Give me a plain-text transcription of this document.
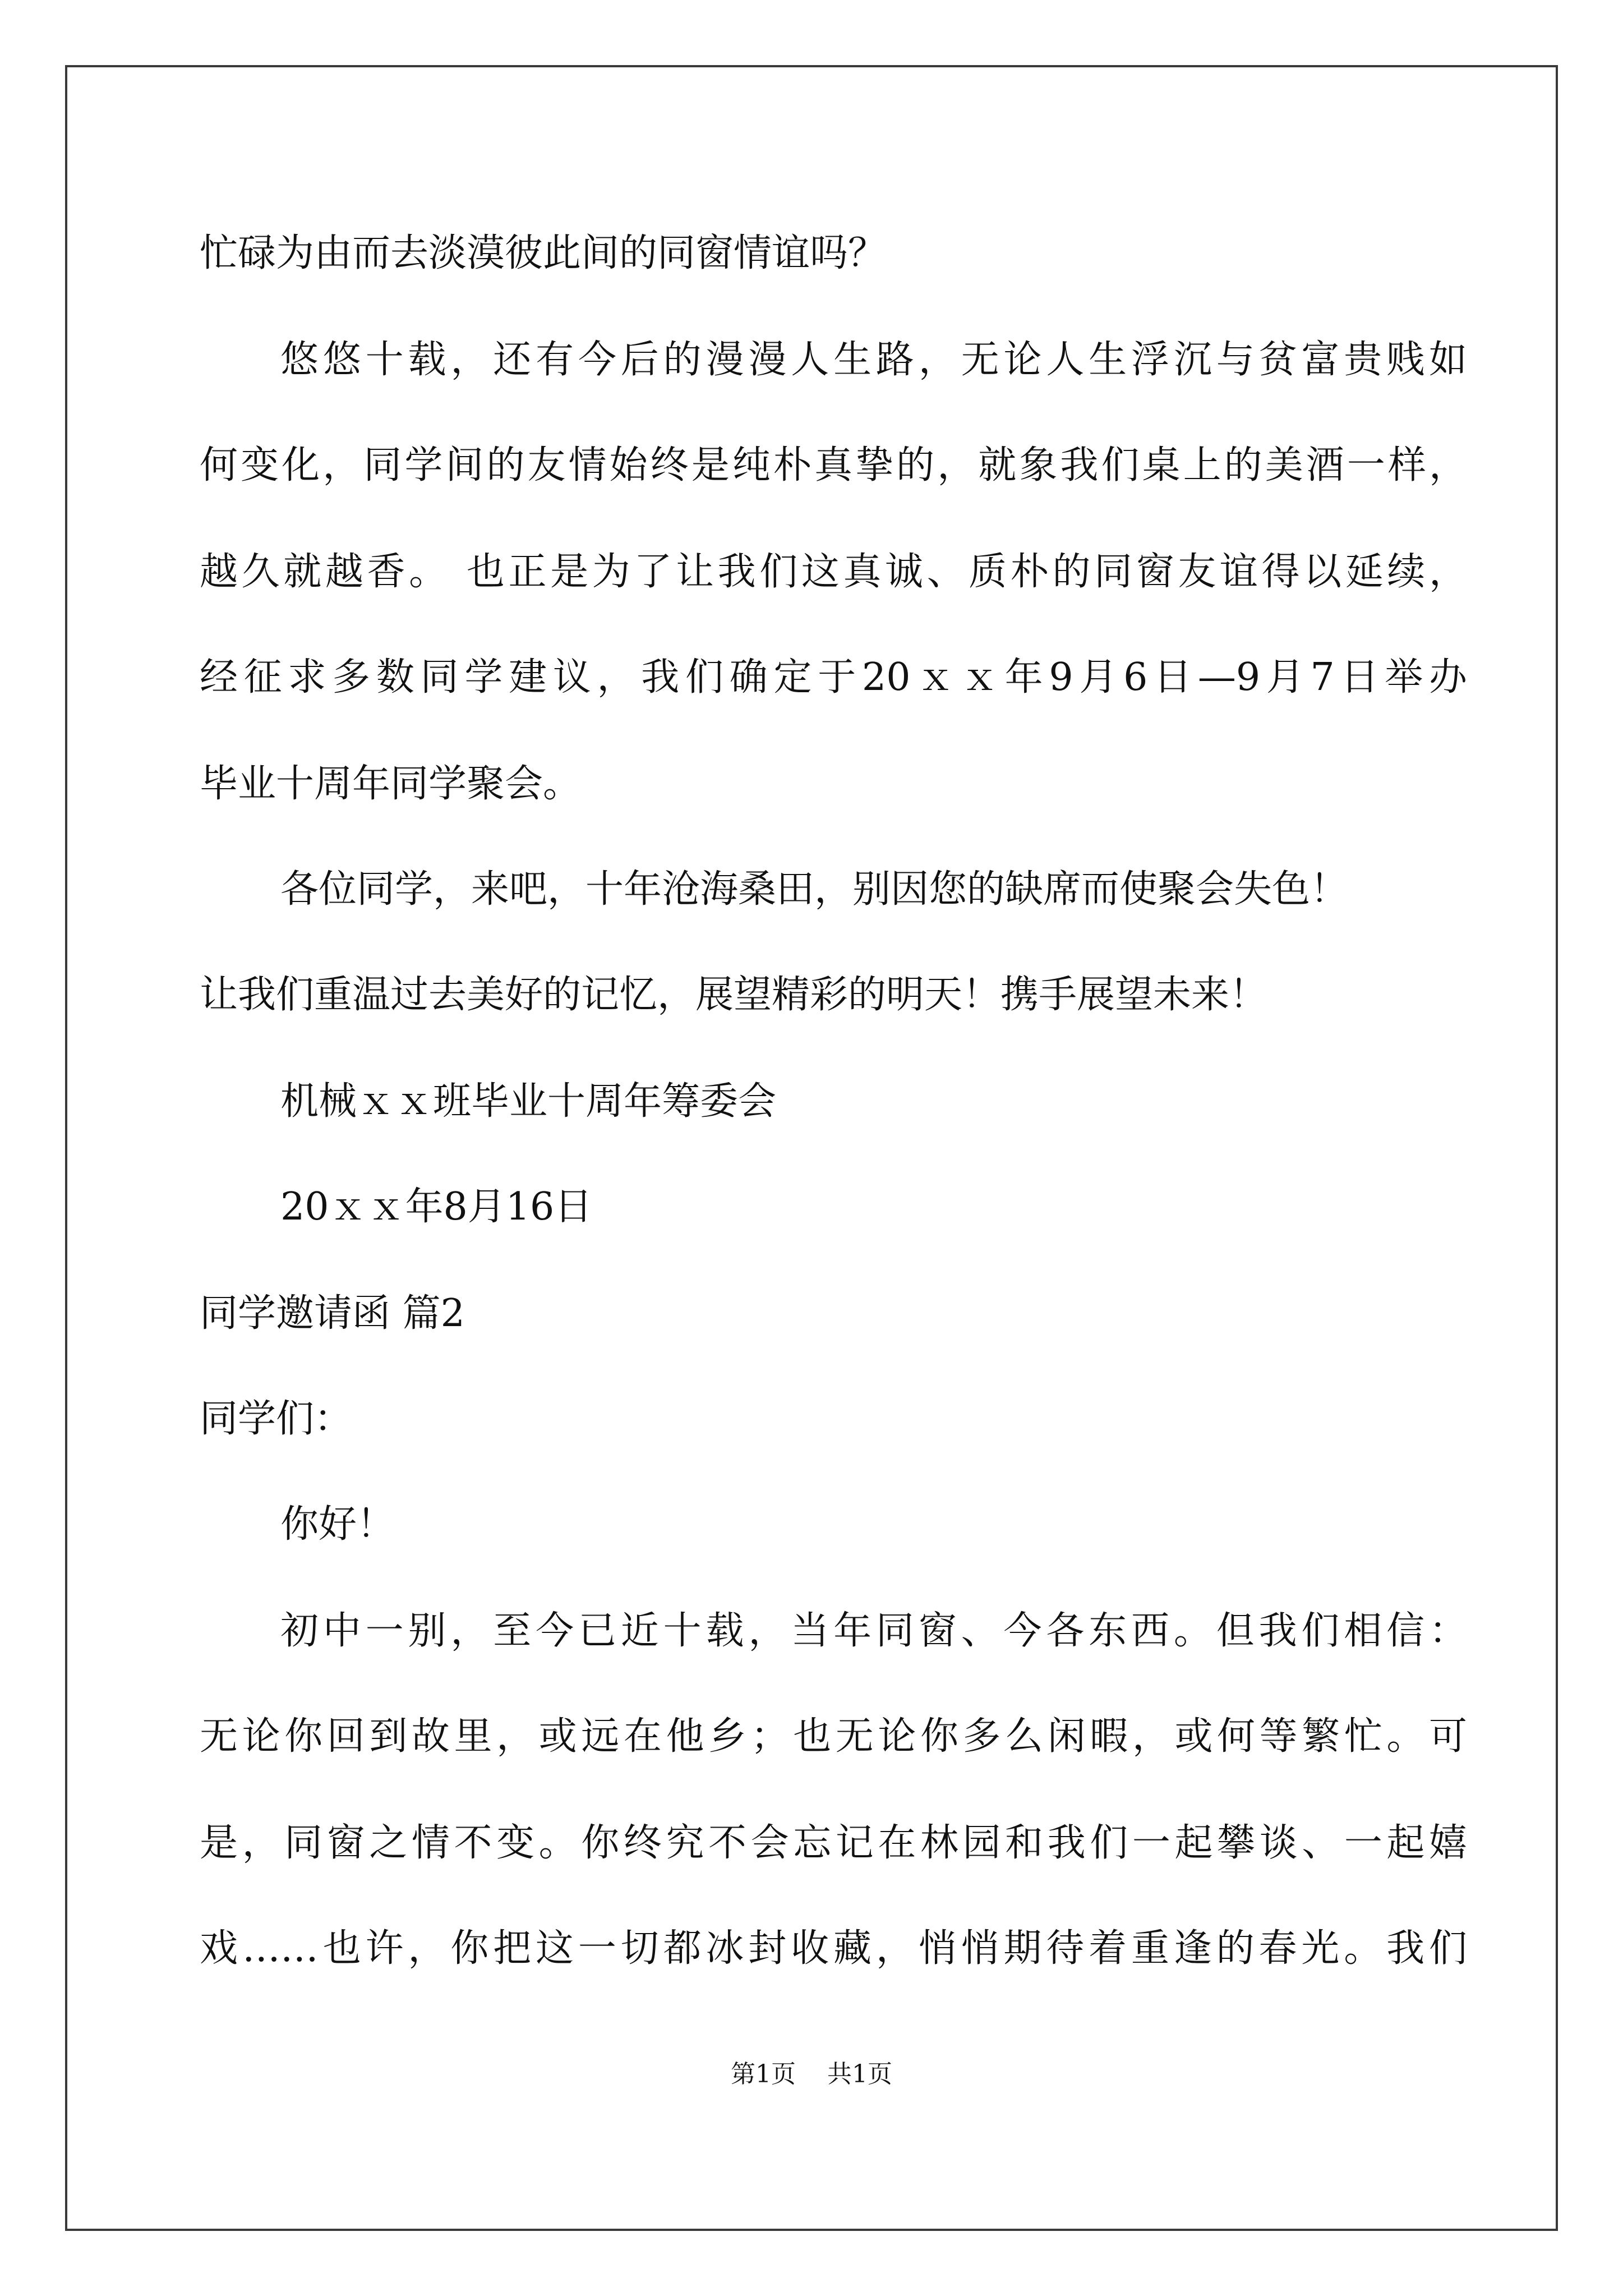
忙碌为由而去淡漠彼此间的同窗情谊吗？

悠悠十载，还有今后的漫漫人生路，无论人生浮沉与贫富贵贱如

何变化，同学间的友情始终是纯朴真挚的，就象我们桌上的美酒一样，

越久就越香。 也正是为了让我们这真诚、质朴的同窗友谊得以延续，

经征求多数同学建议，我们确定于20ｘｘ年9月6日—9月7日举办

毕业十周年同学聚会。

各位同学，来吧，十年沧海桑田，别因您的缺席而使聚会失色！

让我们重温过去美好的记忆，展望精彩的明天！携手展望未来！

机械ｘｘ班毕业十周年筹委会

20ｘｘ年8月16日

同学邀请函 篇2

同学们：

你好！

初中一别，至今已近十载，当年同窗、今各东西。但我们相信：

无论你回到故里，或远在他乡；也无论你多么闲暇，或何等繁忙。可

是，同窗之情不变。你终究不会忘记在林园和我们一起攀谈、一起嬉

戏……也许，你把这一切都冰封收藏，悄悄期待着重逢的春光。我们

第1页 共1页
